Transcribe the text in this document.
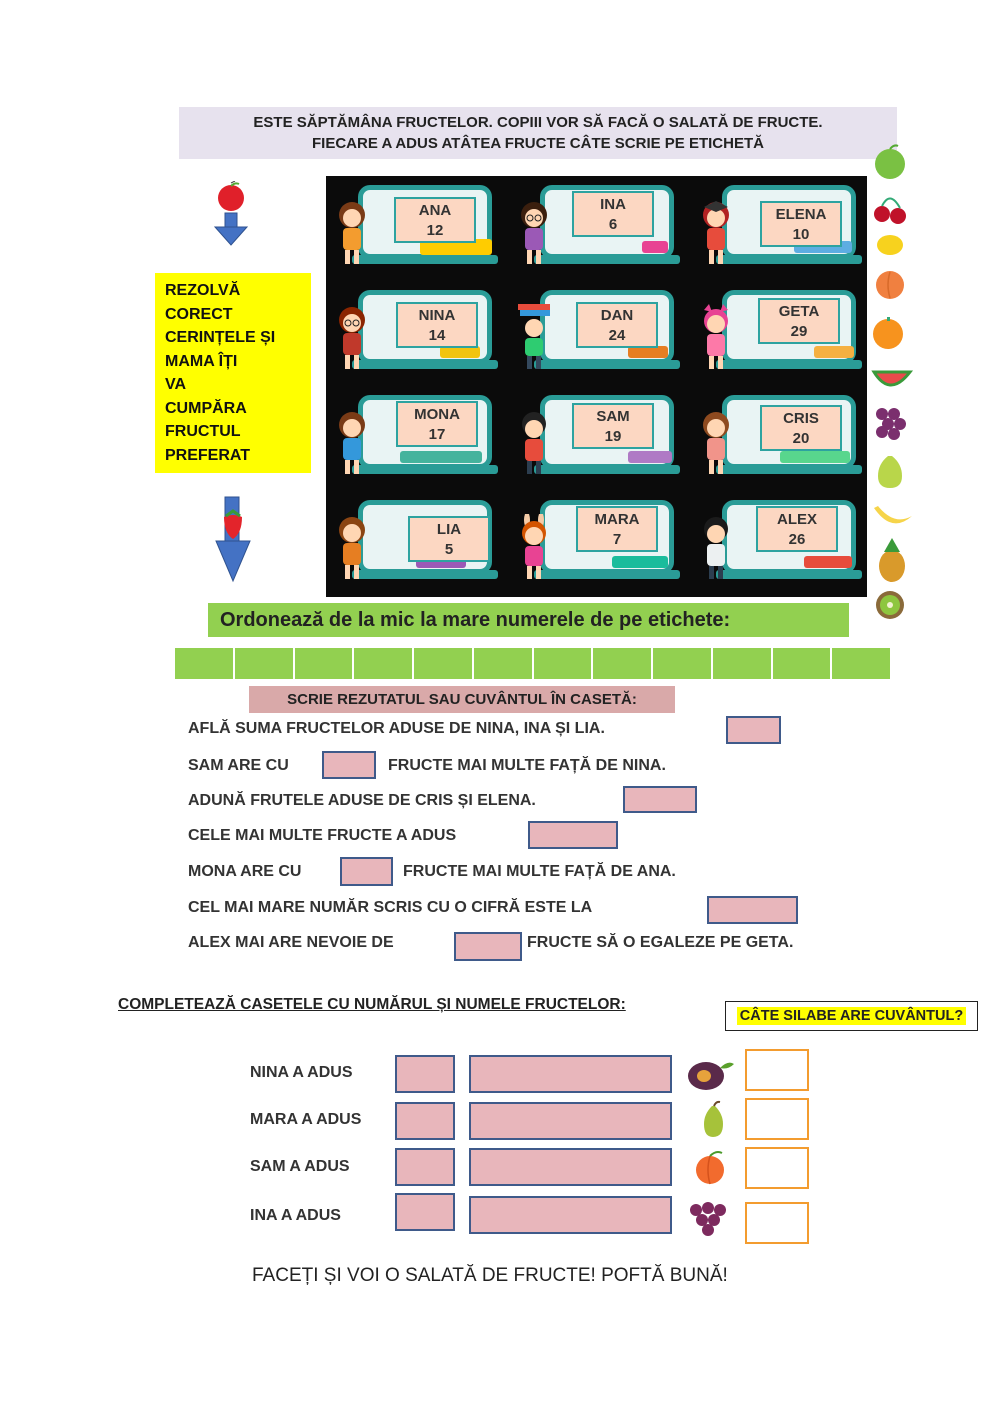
ESTE SĂPTĂMÂNA FRUCTELOR. COPIII VOR SĂ FACĂ O SALATĂ DE FRUCTE.
FIECARE A ADUS ATÂTEA FRUCTE CÂTE SCRIE PE ETICHETĂ
REZOLVĂ
CORECT
CERINȚELE ȘI
MAMA ÎȚI
VA
CUMPĂRA
FRUCTUL
PREFERAT
ANA
12
INA
6
ELENA
10
NINA
14
DAN
24
GETA
29
MONA
17
SAM
19
CRIS
20
LIA
5
MARA
7
ALEX
26
Ordonează de la mic la mare numerele de pe etichete:
SCRIE REZUTATUL SAU CUVÂNTUL ÎN CASETĂ:
AFLĂ SUMA FRUCTELOR ADUSE DE NINA, INA ȘI LIA.
SAM ARE CU	FRUCTE MAI MULTE FAȚĂ DE NINA.
ADUNĂ FRUTELE ADUSE DE CRIS ȘI ELENA.
CELE MAI MULTE FRUCTE A ADUS
MONA ARE CU	FRUCTE MAI MULTE FAȚĂ DE ANA.
CEL MAI MARE NUMĂR SCRIS CU O CIFRĂ ESTE LA
ALEX MAI ARE NEVOIE DE	FRUCTE SĂ O EGALEZE PE GETA.
COMPLETEAZĂ CASETELE CU NUMĂRUL ȘI NUMELE FRUCTELOR:
CÂTE SILABE ARE CUVÂNTUL?
NINA A ADUS
MARA A ADUS
SAM A ADUS
INA A ADUS
FACEȚI ȘI VOI O SALATĂ DE FRUCTE! POFTĂ BUNĂ!
